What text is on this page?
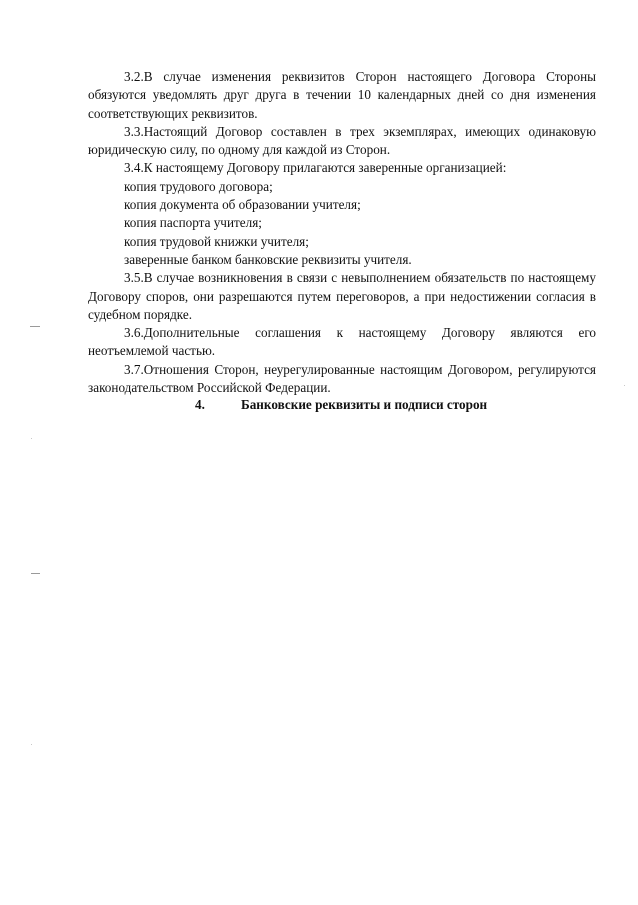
3.2.В случае изменения реквизитов Сторон настоящего Договора Стороны обязуются уведомлять друг друга в течении 10 календарных дней со дня изменения соответствующих реквизитов.

3.3.Настоящий Договор составлен в трех экземплярах, имеющих одинаковую юридическую силу, по одному для каждой из Сторон.

3.4.К настоящему Договору прилагаются заверенные организацией:

копия трудового договора;

копия документа об образовании учителя;

копия паспорта учителя;

копия трудовой книжки учителя;

заверенные банком банковские реквизиты учителя.

3.5.В случае возникновения в связи с невыполнением обязательств по настоящему Договору споров, они разрешаются путем переговоров, а при недостижении согласия в судебном порядке.

3.6.Дополнительные соглашения к настоящему Договору являются его неотъемлемой частью.

3.7.Отношения Сторон, неурегулированные настоящим Договором, регулируются законодательством Российской Федерации.

4.	Банковские реквизиты и подписи сторон
